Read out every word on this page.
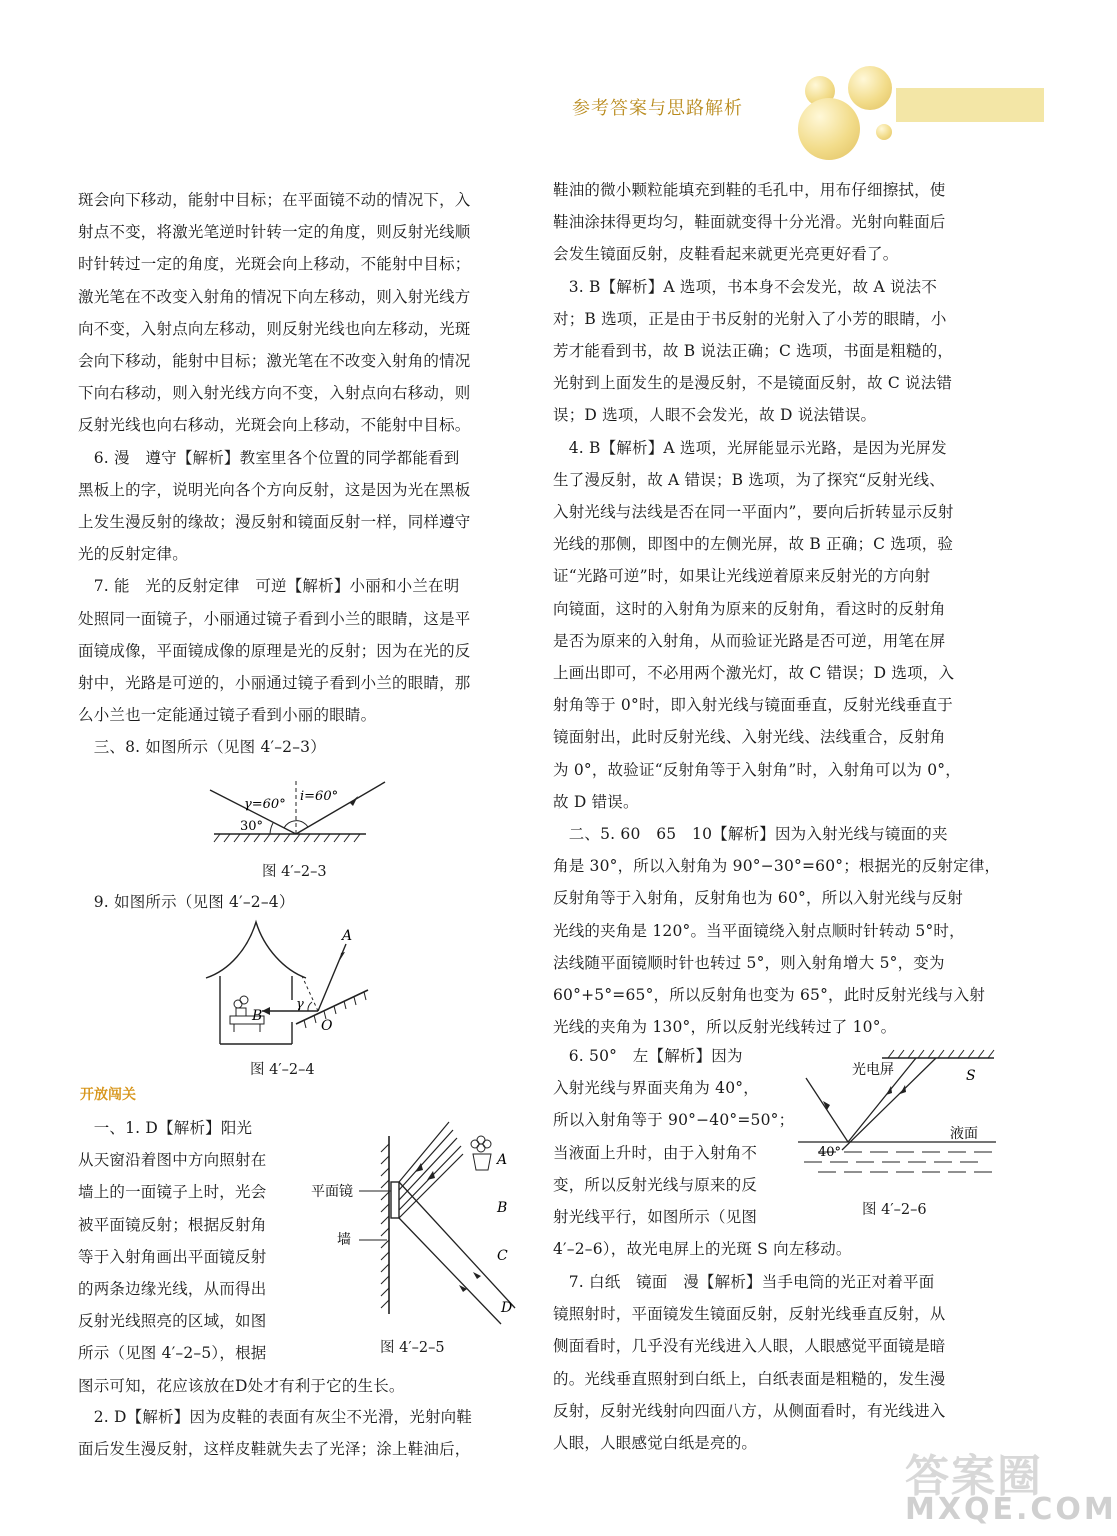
参考答案与思路解析
斑会向下移动，能射中目标；在平面镜不动的情况下，入
射点不变，将激光笔逆时针转一定的角度，则反射光线顺
时针转过一定的角度，光斑会向上移动，不能射中目标；
激光笔在不改变入射角的情况下向左移动，则入射光线方
向不变，入射点向左移动，则反射光线也向左移动，光斑
会向下移动，能射中目标；激光笔在不改变入射角的情况
下向右移动，则入射光线方向不变，入射点向右移动，则
反射光线也向右移动，光斑会向上移动，不能射中目标。
　6. 漫　遵守【解析】教室里各个位置的同学都能看到
黑板上的字，说明光向各个方向反射，这是因为光在黑板
上发生漫反射的缘故；漫反射和镜面反射一样，同样遵守
光的反射定律。
　7. 能　光的反射定律　可逆【解析】小丽和小兰在明
处照同一面镜子，小丽通过镜子看到小兰的眼睛，这是平
面镜成像，平面镜成像的原理是光的反射；因为在光的反
射中，光路是可逆的，小丽通过镜子看到小兰的眼睛，那
么小兰也一定能通过镜子看到小丽的眼睛。
　三、8. 如图所示（见图 4′–2–3）
γ=60°
i=60°
30°
图 4′–2–3
　9. 如图所示（见图 4′–2–4）
A
B
O
γ
图 4′–2–4
开放闯关
　一、1. D【解析】阳光
从天窗沿着图中方向照射在
墙上的一面镜子上时，光会
被平面镜反射；根据反射角
等于入射角画出平面镜反射
的两条边缘光线，从而得出
反射光线照亮的区域，如图
所示（见图 4′–2–5），根据
图示可知，花应该放在D处才有利于它的生长。
平面镜
墙
A
B
C
D
图 4′–2–5
　2. D【解析】因为皮鞋的表面有灰尘不光滑，光射向鞋
面后发生漫反射，这样皮鞋就失去了光泽；涂上鞋油后，
鞋油的微小颗粒能填充到鞋的毛孔中，用布仔细擦拭，使
鞋油涂抹得更均匀，鞋面就变得十分光滑。光射向鞋面后
会发生镜面反射，皮鞋看起来就更光亮更好看了。
　3. B【解析】A 选项，书本身不会发光，故 A 说法不
对；B 选项，正是由于书反射的光射入了小芳的眼睛，小
芳才能看到书，故 B 说法正确；C 选项，书面是粗糙的，
光射到上面发生的是漫反射，不是镜面反射，故 C 说法错
误；D 选项，人眼不会发光，故 D 说法错误。
　4. B【解析】A 选项，光屏能显示光路，是因为光屏发
生了漫反射，故 A 错误；B 选项，为了探究“反射光线、
入射光线与法线是否在同一平面内”，要向后折转显示反射
光线的那侧，即图中的左侧光屏，故 B 正确；C 选项，验
证“光路可逆”时，如果让光线逆着原来反射光的方向射
向镜面，这时的入射角为原来的反射角，看这时的反射角
是否为原来的入射角，从而验证光路是否可逆，用笔在屏
上画出即可，不必用两个激光灯，故 C 错误；D 选项，入
射角等于 0°时，即入射光线与镜面垂直，反射光线垂直于
镜面射出，此时反射光线、入射光线、法线重合，反射角
为 0°，故验证“反射角等于入射角”时，入射角可以为 0°，
故 D 错误。
　二、5. 60　65　10【解析】因为入射光线与镜面的夹
角是 30°，所以入射角为 90°−30°=60°；根据光的反射定律，
反射角等于入射角，反射角也为 60°，所以入射光线与反射
光线的夹角是 120°。当平面镜绕入射点顺时针转动 5°时，
法线随平面镜顺时针也转过 5°，则入射角增大 5°，变为
60°+5°=65°，所以反射角也变为 65°，此时反射光线与入射
光线的夹角为 130°，所以反射光线转过了 10°。
　6. 50°　左【解析】因为
入射光线与界面夹角为 40°，
所以入射角等于 90°−40°=50°；
当液面上升时，由于入射角不
变，所以反射光线与原来的反
射光线平行，如图所示（见图
4′–2–6），故光电屏上的光斑 S 向左移动。
光电屏	S
液面
40°
图 4′–2–6
　7. 白纸　镜面　漫【解析】当手电筒的光正对着平面
镜照射时，平面镜发生镜面反射，反射光线垂直反射，从
侧面看时，几乎没有光线进入人眼，人眼感觉平面镜是暗
的。光线垂直照射到白纸上，白纸表面是粗糙的，发生漫
反射，反射光线射向四面八方，从侧面看时，有光线进入
人眼，人眼感觉白纸是亮的。
答案圈
MXQE.COM
